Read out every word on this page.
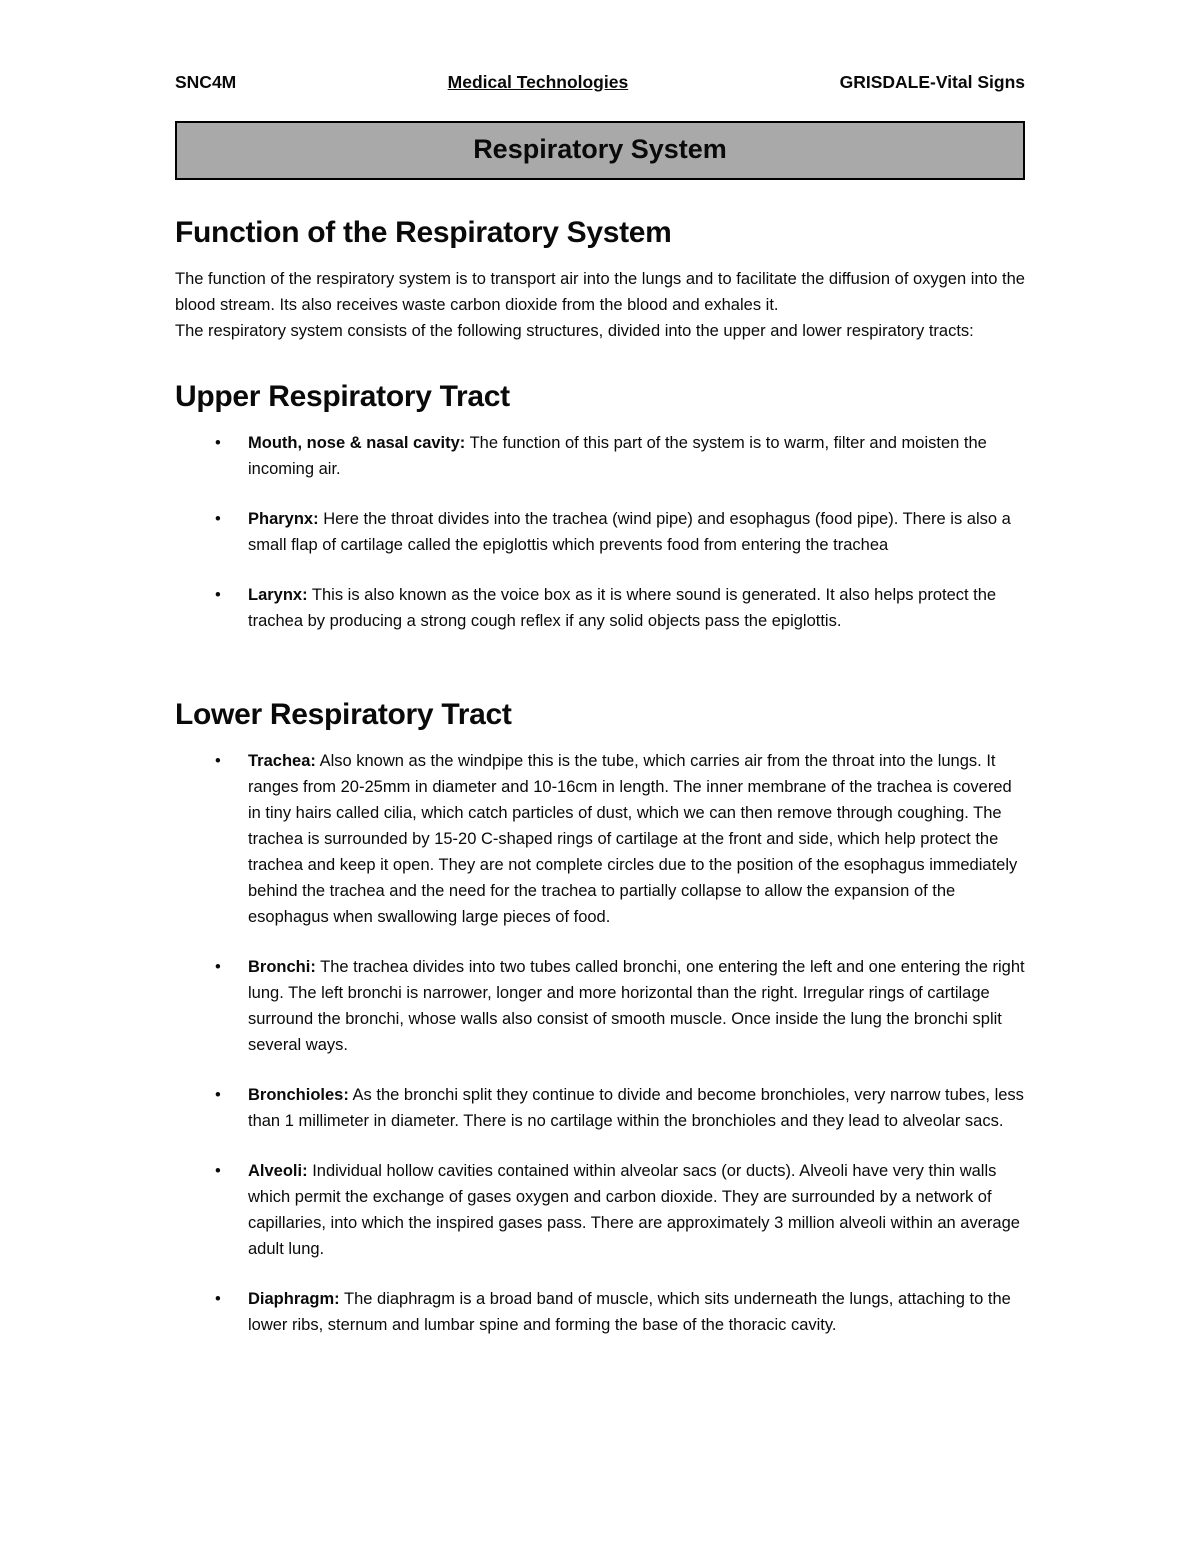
SNC4M	Medical Technologies	GRISDALE-Vital Signs
Respiratory System
Function of the Respiratory System
The function of the respiratory system is to transport air into the lungs and to facilitate the diffusion of oxygen into the blood stream. Its also receives waste carbon dioxide from the blood and exhales it.
The respiratory system consists of the following structures, divided into the upper and lower respiratory tracts:
Upper Respiratory Tract
• Mouth, nose & nasal cavity: The function of this part of the system is to warm, filter and moisten the incoming air.
• Pharynx: Here the throat divides into the trachea (wind pipe) and esophagus (food pipe). There is also a small flap of cartilage called the epiglottis which prevents food from entering the trachea
• Larynx: This is also known as the voice box as it is where sound is generated. It also helps protect the trachea by producing a strong cough reflex if any solid objects pass the epiglottis.
Lower Respiratory Tract
• Trachea: Also known as the windpipe this is the tube, which carries air from the throat into the lungs. It ranges from 20-25mm in diameter and 10-16cm in length. The inner membrane of the trachea is covered in tiny hairs called cilia, which catch particles of dust, which we can then remove through coughing. The trachea is surrounded by 15-20 C-shaped rings of cartilage at the front and side, which help protect the trachea and keep it open. They are not complete circles due to the position of the esophagus immediately behind the trachea and the need for the trachea to partially collapse to allow the expansion of the esophagus when swallowing large pieces of food.
• Bronchi: The trachea divides into two tubes called bronchi, one entering the left and one entering the right lung. The left bronchi is narrower, longer and more horizontal than the right. Irregular rings of cartilage surround the bronchi, whose walls also consist of smooth muscle. Once inside the lung the bronchi split several ways.
• Bronchioles: As the bronchi split they continue to divide and become bronchioles, very narrow tubes, less than 1 millimeter in diameter. There is no cartilage within the bronchioles and they lead to alveolar sacs.
• Alveoli: Individual hollow cavities contained within alveolar sacs (or ducts). Alveoli have very thin walls which permit the exchange of gases oxygen and carbon dioxide. They are surrounded by a network of capillaries, into which the inspired gases pass. There are approximately 3 million alveoli within an average adult lung.
• Diaphragm: The diaphragm is a broad band of muscle, which sits underneath the lungs, attaching to the lower ribs, sternum and lumbar spine and forming the base of the thoracic cavity.
